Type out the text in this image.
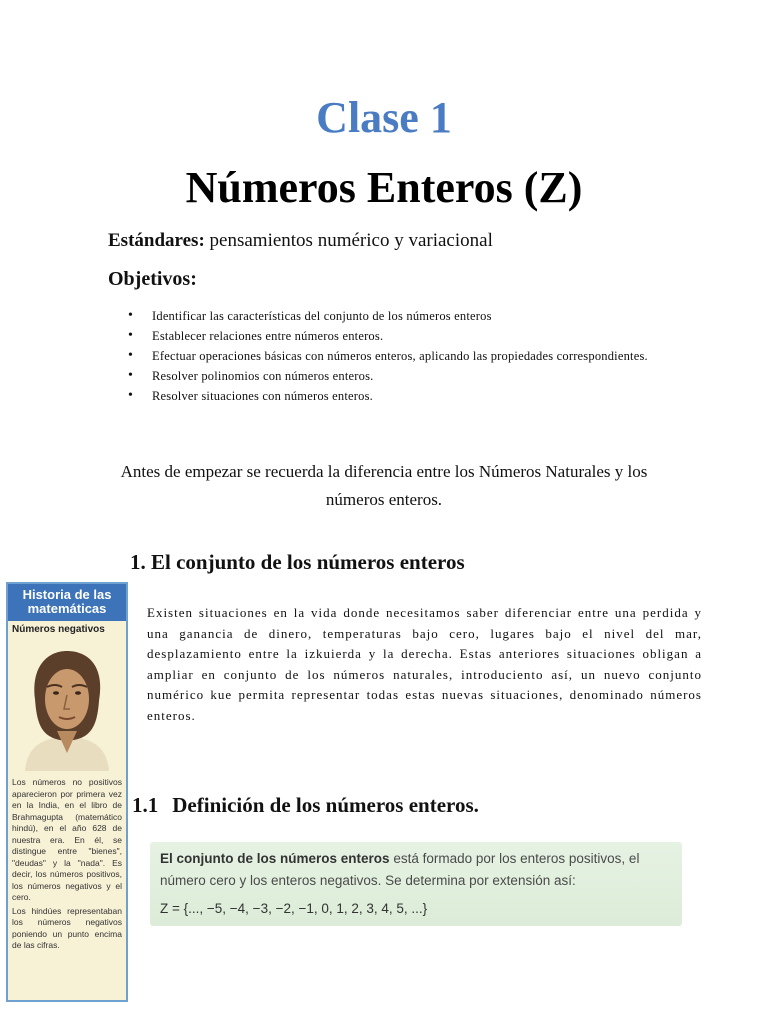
Clase 1
Números Enteros (Z)
Estándares: pensamientos numérico y variacional
Objetivos:
• Identificar las características del conjunto de los números enteros
• Establecer relaciones entre números enteros.
• Efectuar operaciones básicas con números enteros, aplicando las propiedades correspondientes.
• Resolver polinomios con números enteros.
• Resolver situaciones con números enteros.
Antes de empezar se recuerda la diferencia entre los Números Naturales y los números enteros.
1. El conjunto de los números enteros
Existen situaciones en la vida donde necesitamos saber diferenciar entre una perdida y una ganancia de dinero, temperaturas bajo cero, lugares bajo el nivel del mar, desplazamiento entre la izkuierda y la derecha. Estas anteriores situaciones obligan a ampliar en conjunto de los números naturales, introduciento así, un nuevo conjunto numérico kue permita representar todas estas nuevas situaciones, denominado números enteros.
1.1 Definición de los números enteros.
El conjunto de los números enteros está formado por los enteros positivos, el número cero y los enteros negativos. Se determina por extensión así:
Z = {..., −5, −4, −3, −2, −1, 0, 1, 2, 3, 4, 5, ...}
Historia de las matemáticas
Números negativos
Los números no positivos aparecieron por primera vez en la India, en el libro de Brahmagupta (matemático hindú), en el año 628 de nuestra era. En él, se distingue entre "bienes", "deudas" y la "nada". Es decir, los números positivos, los números negativos y el cero.
Los hindúes representaban los números negativos poniendo un punto encima de las cifras.
